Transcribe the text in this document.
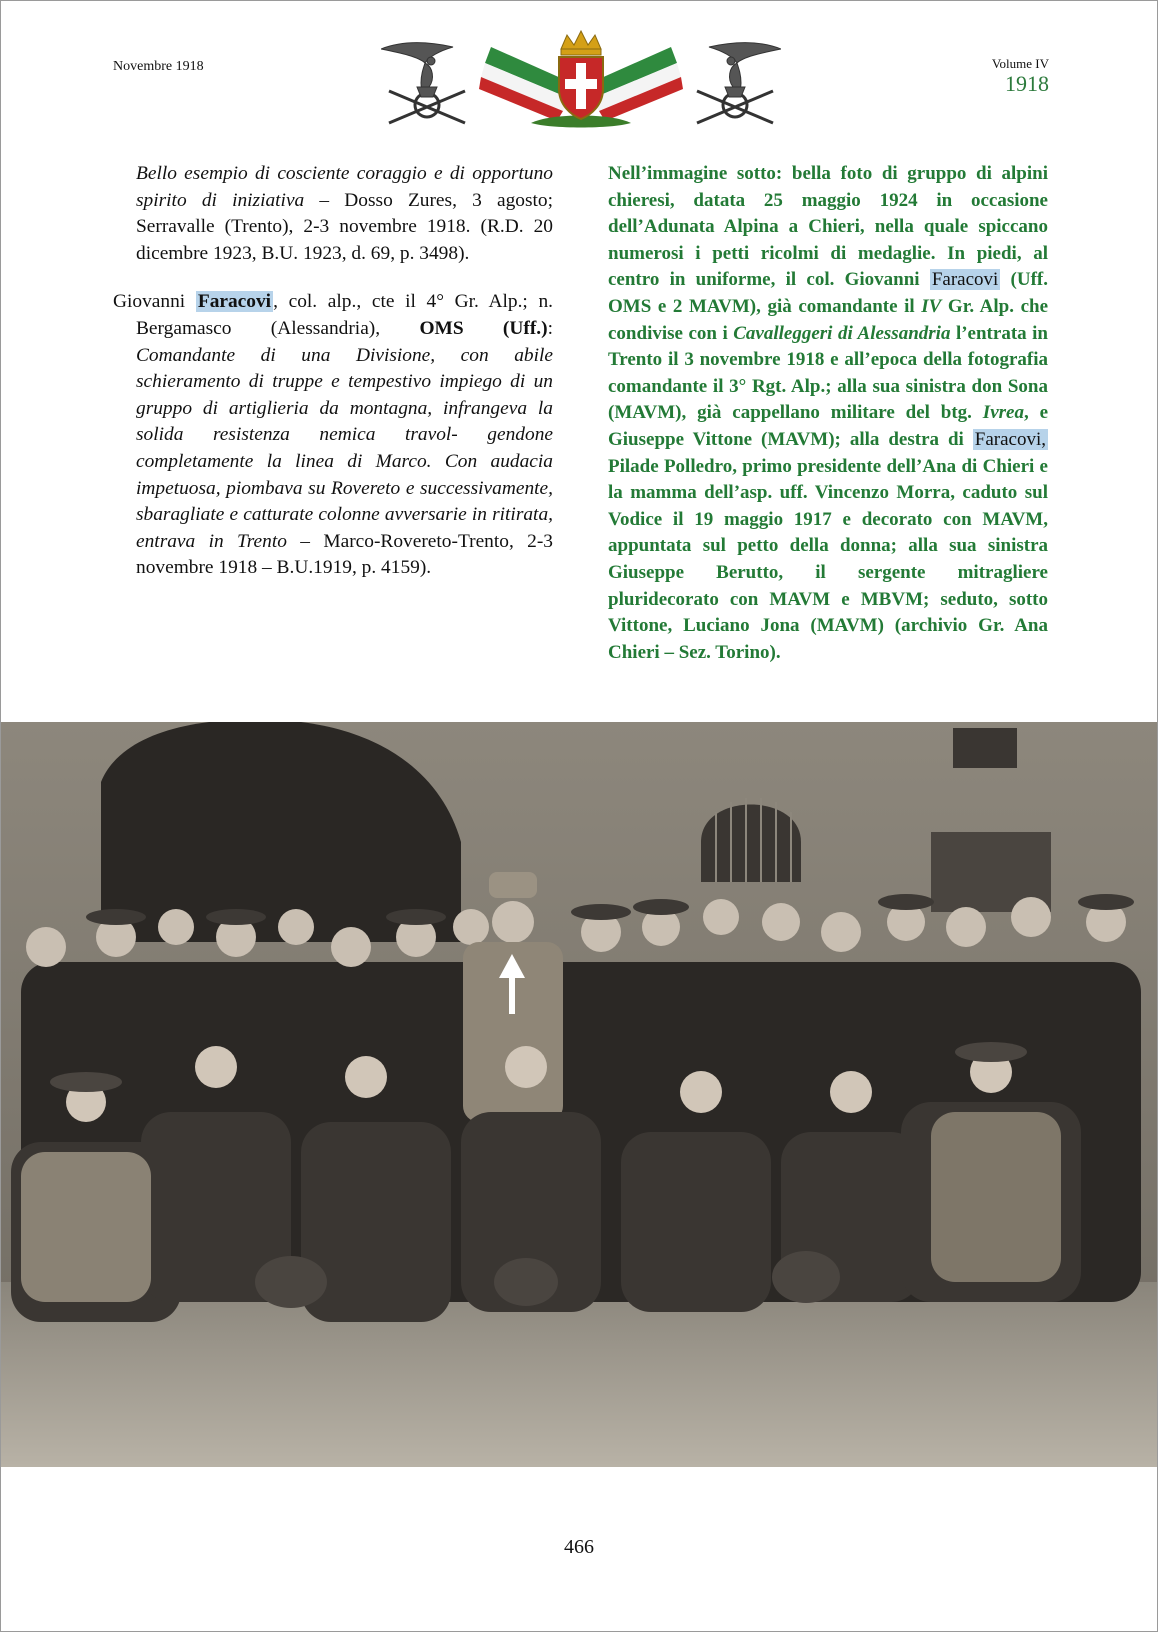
Novembre 1918	Volume IV
1918

Bello esempio di cosciente coraggio e di opportuno spirito di iniziativa – Dosso Zures, 3 agosto; Serravalle (Trento), 2-3 novembre 1918. (R.D. 20 dicembre 1923, B.U. 1923, d. 69, p. 3498).

Giovanni Faracovi , col. alp., cte il 4° Gr. Alp.; n. Bergamasco (Alessandria), OMS (Uff.): Comandante di una Divisione, con abile schieramento di truppe e tempestivo impiego di un gruppo di artiglieria da montagna, infrangeva la solida resistenza nemica travol- gendone completamente la linea di Marco. Con audacia impetuosa, piombava su Rovereto e successivamente, sbaragliate e catturate colonne avversarie in ritirata, entrava in Trento – Marco-Rovereto-Trento, 2-3 novembre 1918 – B.U.1919, p. 4159).

Nell’immagine sotto: bella foto di gruppo di alpini chieresi, datata 25 maggio 1924 in occasione dell’Adunata Alpina a Chieri, nella quale spiccano numerosi i petti ricolmi di medaglie. In piedi, al centro in uniforme, il col. Giovanni Faracovi (Uff. OMS e 2 MAVM), già comandante il IV Gr. Alp. che condivise con i Cavalleggeri di Alessandria l’entrata in Trento il 3 novembre 1918 e all’epoca della fotografia comandante il 3° Rgt. Alp.; alla sua sinistra don Sona (MAVM), già cappellano militare del btg. Ivrea, e Giuseppe Vittone (MAVM); alla destra di Faracovi, Pilade Polledro, primo presidente dell’Ana di Chieri e la mamma dell’asp. uff. Vincenzo Morra, caduto sul Vodice il 19 maggio 1917 e decorato con MAVM, appuntata sul petto della donna; alla sua sinistra Giuseppe Berutto, il sergente mitragliere pluridecorato con MAVM e MBVM; seduto, sotto Vittone, Luciano Jona (MAVM) (archivio Gr. Ana Chieri – Sez. Torino).

466
